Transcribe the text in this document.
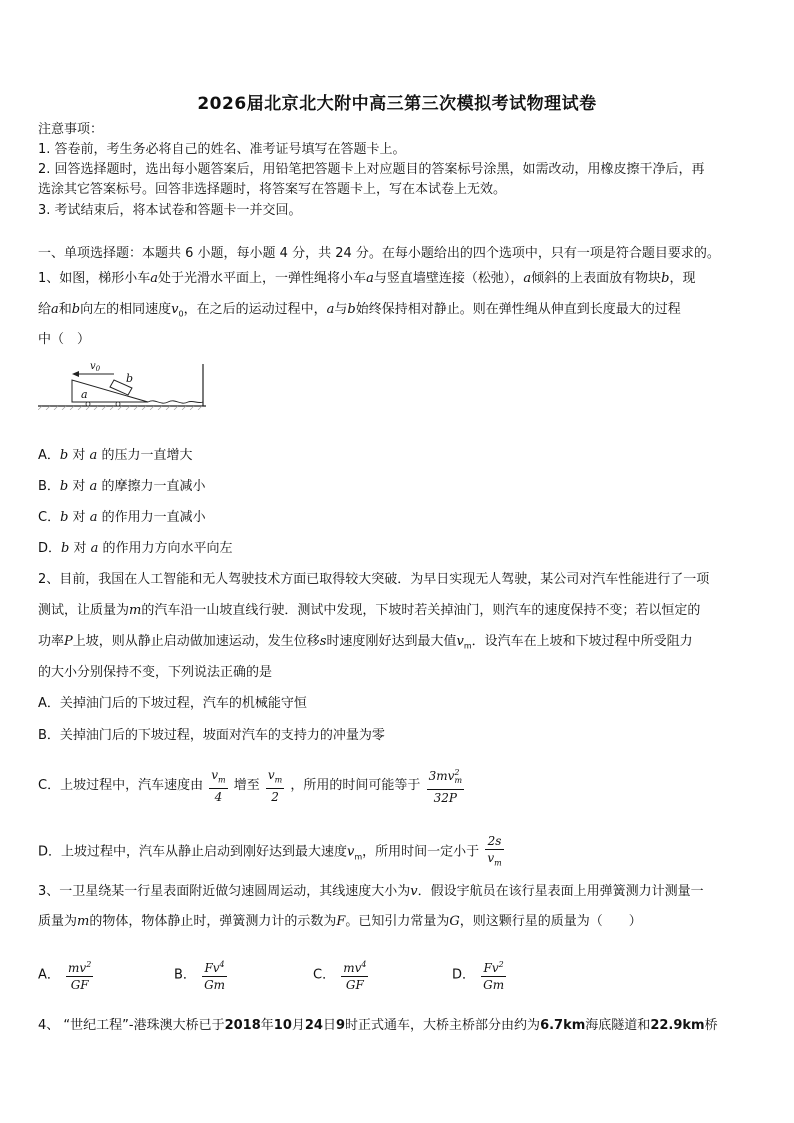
2026届北京北大附中高三第三次模拟考试物理试卷
注意事项：
1. 答卷前，考生务必将自己的姓名、准考证号填写在答题卡上。
2. 回答选择题时，选出每小题答案后，用铅笔把答题卡上对应题目的答案标号涂黑，如需改动，用橡皮擦干净后，再
选涂其它答案标号。回答非选择题时，将答案写在答题卡上，写在本试卷上无效。
3. 考试结束后，将本试卷和答题卡一并交回。
一、单项选择题：本题共 6 小题，每小题 4 分，共 24 分。在每小题给出的四个选项中，只有一项是符合题目要求的。
1、如图，梯形小车a处于光滑水平面上，一弹性绳将小车a与竖直墙壁连接（松弛），a倾斜的上表面放有物块b，现
给a和b向左的相同速度$v_0$，在之后的运动过程中，a与b始终保持相对静止。则在弹性绳从伸直到长度最大的过程
中（　）
$v_0$
a
b
A．b 对 a 的压力一直增大
B．b 对 a 的摩擦力一直减小
C．b 对 a 的作用力一直减小
D．b 对 a 的作用力方向水平向左
2、目前，我国在人工智能和无人驾驶技术方面已取得较大突破．为早日实现无人驾驶，某公司对汽车性能进行了一项
测试，让质量为m的汽车沿一山坡直线行驶．测试中发现，下坡时若关掉油门，则汽车的速度保持不变；若以恒定的
功率P上坡，则从静止启动做加速运动，发生位移s时速度刚好达到最大值$v_m$．设汽车在上坡和下坡过程中所受阻力
的大小分别保持不变，下列说法正确的是
A．关掉油门后的下坡过程，汽车的机械能守恒
B．关掉油门后的下坡过程，坡面对汽车的支持力的冲量为零
C．上坡过程中，汽车速度由 $\frac{v_m}{4}$ 增至 $\frac{v_m}{2}$ ，所用的时间可能等于 $\frac{3mv^2_m}{32P}$
D．上坡过程中，汽车从静止启动到刚好达到最大速度$v_m$，所用时间一定小于 $\frac{2s}{v_m}$
3、一卫星绕某一行星表面附近做匀速圆周运动，其线速度大小为v．假设宇航员在该行星表面上用弹簧测力计测量一
质量为m的物体，物体静止时，弹簧测力计的示数为F。已知引力常量为G，则这颗行星的质量为（　　）
A． $\frac{mv^2}{GF}$	B． $\frac{Fv^4}{Gm}$	C． $\frac{mv^4}{GF}$	D． $\frac{Fv^2}{Gm}$
4、 “世纪工程”-港珠澳大桥已于2018年10月24日9时正式通车，大桥主桥部分由约为6.7km海底隧道和22.9km桥
